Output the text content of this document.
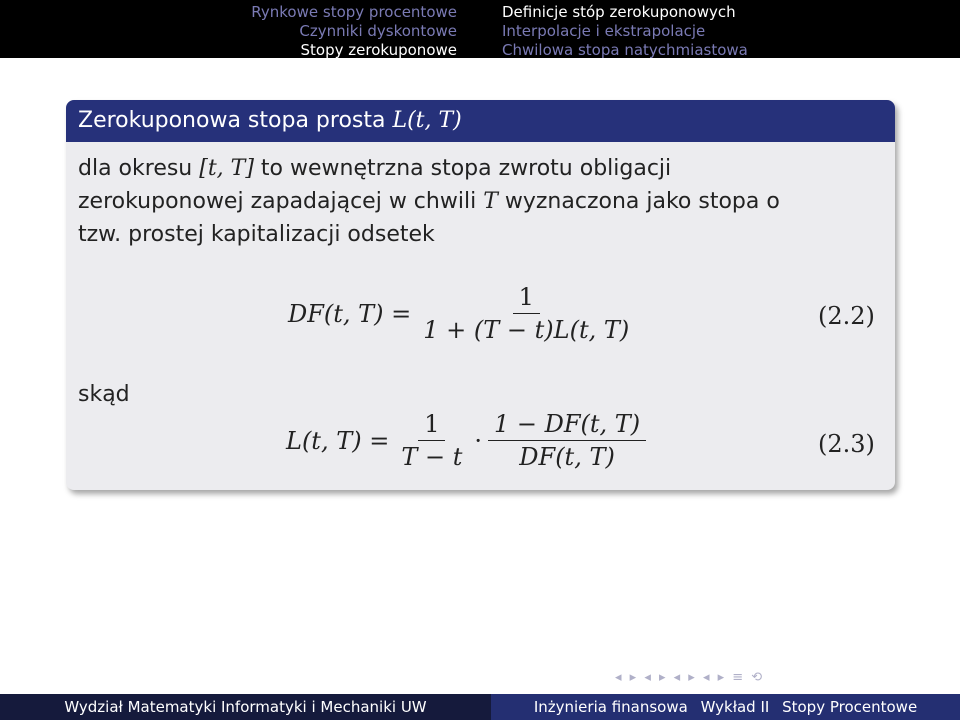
Rynkowe stopy procentowe
Czynniki dyskontowe
Stopy zerokuponowe
Definicje stóp zerokuponowych
Interpolacje i ekstrapolacje
Chwilowa stopa natychmiastowa
Zerokuponowa stopa prosta L(t, T)
dla okresu [t, T] to wewnętrzna stopa zwrotu obligacji
zerokuponowej zapadającej w chwili T wyznaczona jako stopa o
tzw. prostej kapitalizacji odsetek
DF(t, $T) = \frac{1}{1 + (T - t)L(t, T)}$	(2.2)
skąd
L(t, $T) = \frac{1}{T - t} \cdot \frac{1 - DF(t, T)}{DF(t, T)}$	(2.3)
◂ ▸ ◂ ▸ ◂ ▸ ◂ ▸ ≡ ⟲
Wydział Matematyki Informatyki i Mechaniki UW	Inżynieria finansowa Wykład II Stopy Procentowe
